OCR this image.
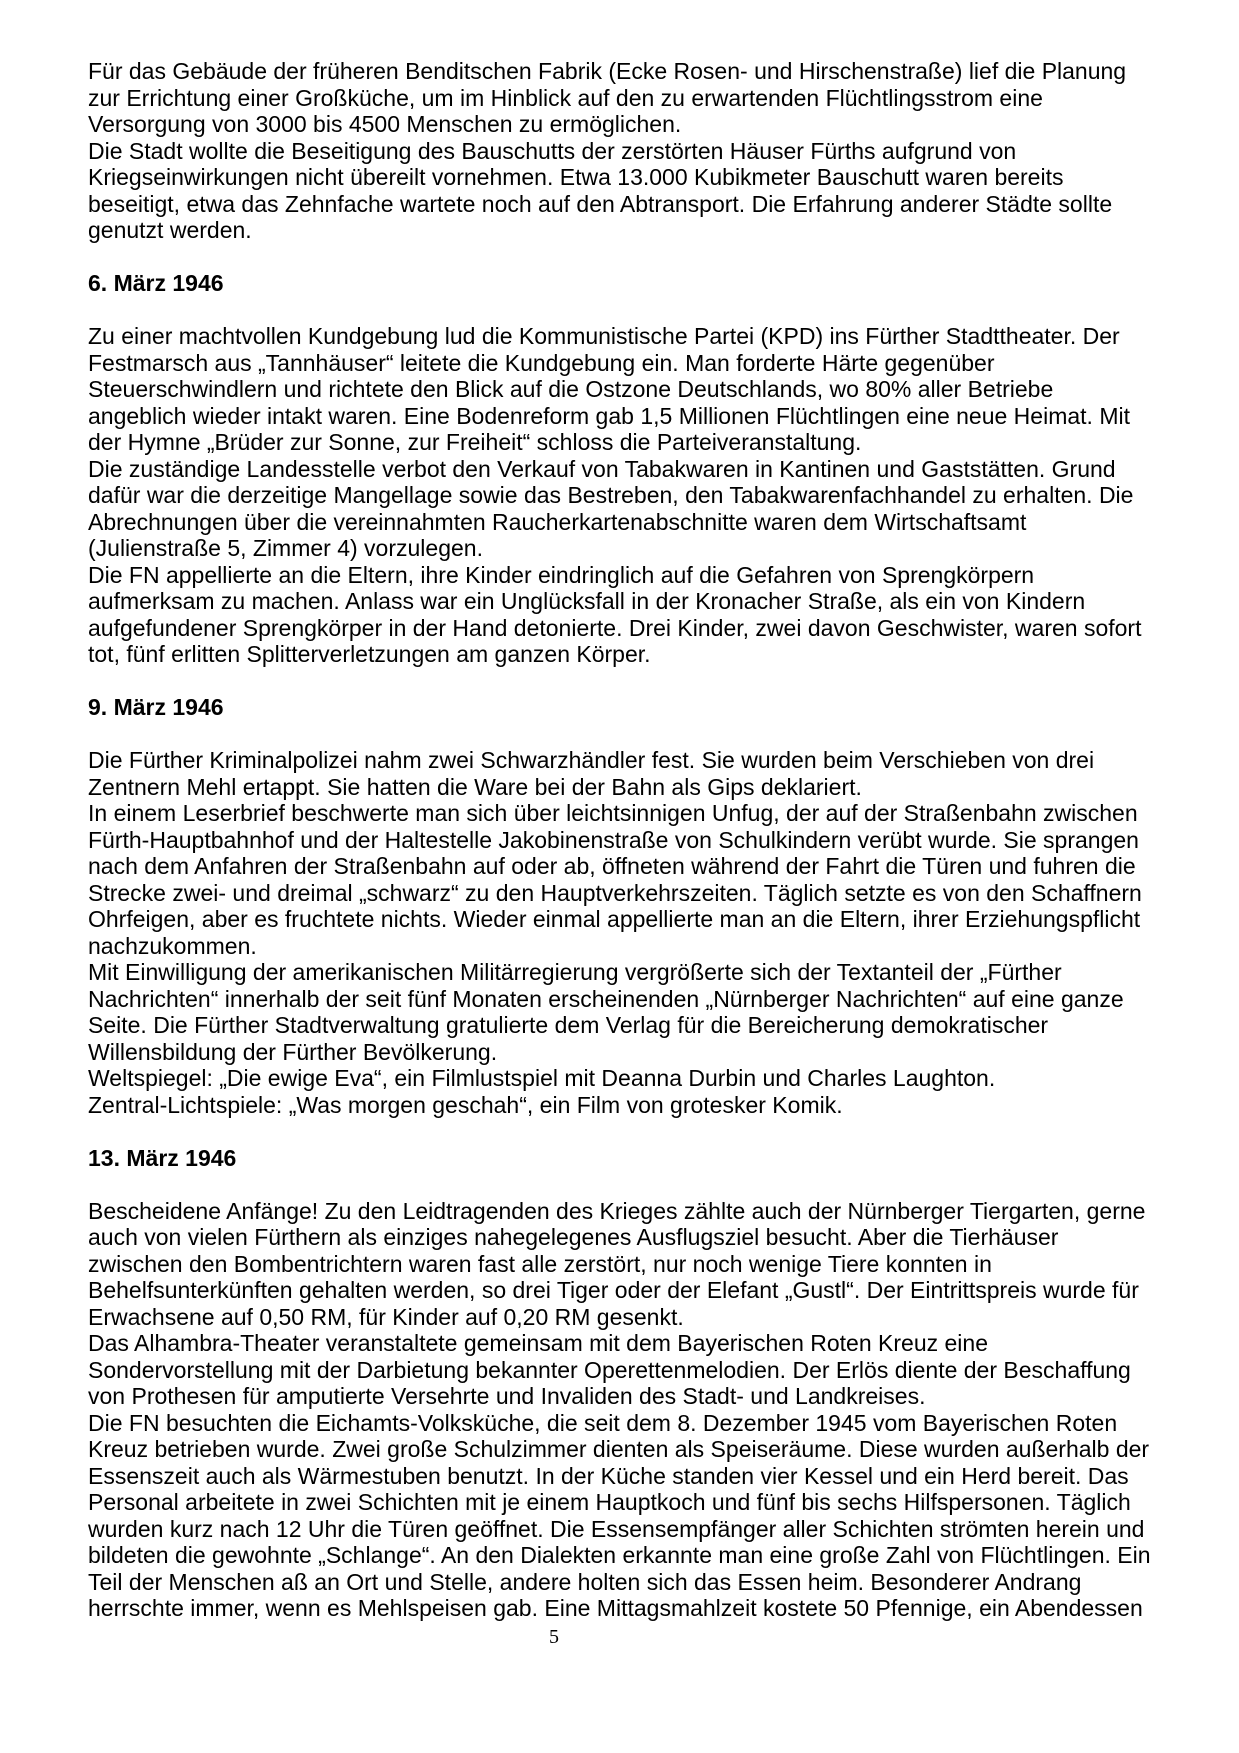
Für das Gebäude der früheren Benditschen Fabrik (Ecke Rosen- und Hirschenstraße) lief die Planung zur Errichtung einer Großküche, um im Hinblick auf den zu erwartenden Flüchtlingsstrom eine Versorgung von 3000 bis 4500 Menschen zu ermöglichen.

Die Stadt wollte die Beseitigung des Bauschutts der zerstörten Häuser Fürths aufgrund von Kriegseinwirkungen nicht übereilt vornehmen. Etwa 13.000 Kubikmeter Bauschutt waren bereits beseitigt, etwa das Zehnfache wartete noch auf den Abtransport. Die Erfahrung anderer Städte sollte genutzt werden.

6. März 1946

Zu einer machtvollen Kundgebung lud die Kommunistische Partei (KPD) ins Fürther Stadttheater. Der Festmarsch aus „Tannhäuser“ leitete die Kundgebung ein. Man forderte Härte gegenüber Steuerschwindlern und richtete den Blick auf die Ostzone Deutschlands, wo 80% aller Betriebe angeblich wieder intakt waren. Eine Bodenreform gab 1,5 Millionen Flüchtlingen eine neue Heimat. Mit der Hymne „Brüder zur Sonne, zur Freiheit“ schloss die Parteiveranstaltung.

Die zuständige Landesstelle verbot den Verkauf von Tabakwaren in Kantinen und Gaststätten. Grund dafür war die derzeitige Mangellage sowie das Bestreben, den Tabakwarenfachhandel zu erhalten. Die Abrechnungen über die vereinnahmten Raucherkartenabschnitte waren dem Wirtschaftsamt (Julienstraße 5, Zimmer 4) vorzulegen.

Die FN appellierte an die Eltern, ihre Kinder eindringlich auf die Gefahren von Sprengkörpern aufmerksam zu machen. Anlass war ein Unglücksfall in der Kronacher Straße, als ein von Kindern aufgefundener Sprengkörper in der Hand detonierte. Drei Kinder, zwei davon Geschwister, waren sofort tot, fünf erlitten Splitterverletzungen am ganzen Körper.

9. März 1946

Die Fürther Kriminalpolizei nahm zwei Schwarzhändler fest. Sie wurden beim Verschieben von drei Zentnern Mehl ertappt. Sie hatten die Ware bei der Bahn als Gips deklariert.

In einem Leserbrief beschwerte man sich über leichtsinnigen Unfug, der auf der Straßenbahn zwischen Fürth-Hauptbahnhof und der Haltestelle Jakobinenstraße von Schulkindern verübt wurde. Sie sprangen nach dem Anfahren der Straßenbahn auf oder ab, öffneten während der Fahrt die Türen und fuhren die Strecke zwei- und dreimal „schwarz“ zu den Hauptverkehrszeiten. Täglich setzte es von den Schaffnern Ohrfeigen, aber es fruchtete nichts. Wieder einmal appellierte man an die Eltern, ihrer Erziehungspflicht nachzukommen.

Mit Einwilligung der amerikanischen Militärregierung vergrößerte sich der Textanteil der „Fürther Nachrichten“ innerhalb der seit fünf Monaten erscheinenden „Nürnberger Nachrichten“ auf eine ganze Seite. Die Fürther Stadtverwaltung gratulierte dem Verlag für die Bereicherung demokratischer Willensbildung der Fürther Bevölkerung.

Weltspiegel: „Die ewige Eva“, ein Filmlustspiel mit Deanna Durbin und Charles Laughton.

Zentral-Lichtspiele: „Was morgen geschah“, ein Film von grotesker Komik.

13. März 1946

Bescheidene Anfänge! Zu den Leidtragenden des Krieges zählte auch der Nürnberger Tiergarten, gerne auch von vielen Fürthern als einziges nahegelegenes Ausflugsziel besucht. Aber die Tierhäuser zwischen den Bombentrichtern waren fast alle zerstört, nur noch wenige Tiere konnten in Behelfsunterkünften gehalten werden, so drei Tiger oder der Elefant „Gustl“. Der Eintrittspreis wurde für Erwachsene auf 0,50 RM, für Kinder auf 0,20 RM gesenkt.

Das Alhambra-Theater veranstaltete gemeinsam mit dem Bayerischen Roten Kreuz eine Sondervorstellung mit der Darbietung bekannter Operettenmelodien. Der Erlös diente der Beschaffung von Prothesen für amputierte Versehrte und Invaliden des Stadt- und Landkreises.

Die FN besuchten die Eichamts-Volksküche, die seit dem 8. Dezember 1945 vom Bayerischen Roten Kreuz betrieben wurde. Zwei große Schulzimmer dienten als Speiseräume. Diese wurden außerhalb der Essenszeit auch als Wärmestuben benutzt. In der Küche standen vier Kessel und ein Herd bereit. Das Personal arbeitete in zwei Schichten mit je einem Hauptkoch und fünf bis sechs Hilfspersonen. Täglich wurden kurz nach 12 Uhr die Türen geöffnet. Die Essensempfänger aller Schichten strömten herein und bildeten die gewohnte „Schlange“. An den Dialekten erkannte man eine große Zahl von Flüchtlingen. Ein Teil der Menschen aß an Ort und Stelle, andere holten sich das Essen heim. Besonderer Andrang herrschte immer, wenn es Mehlspeisen gab. Eine Mittagsmahlzeit kostete 50 Pfennige, ein Abendessen

5
